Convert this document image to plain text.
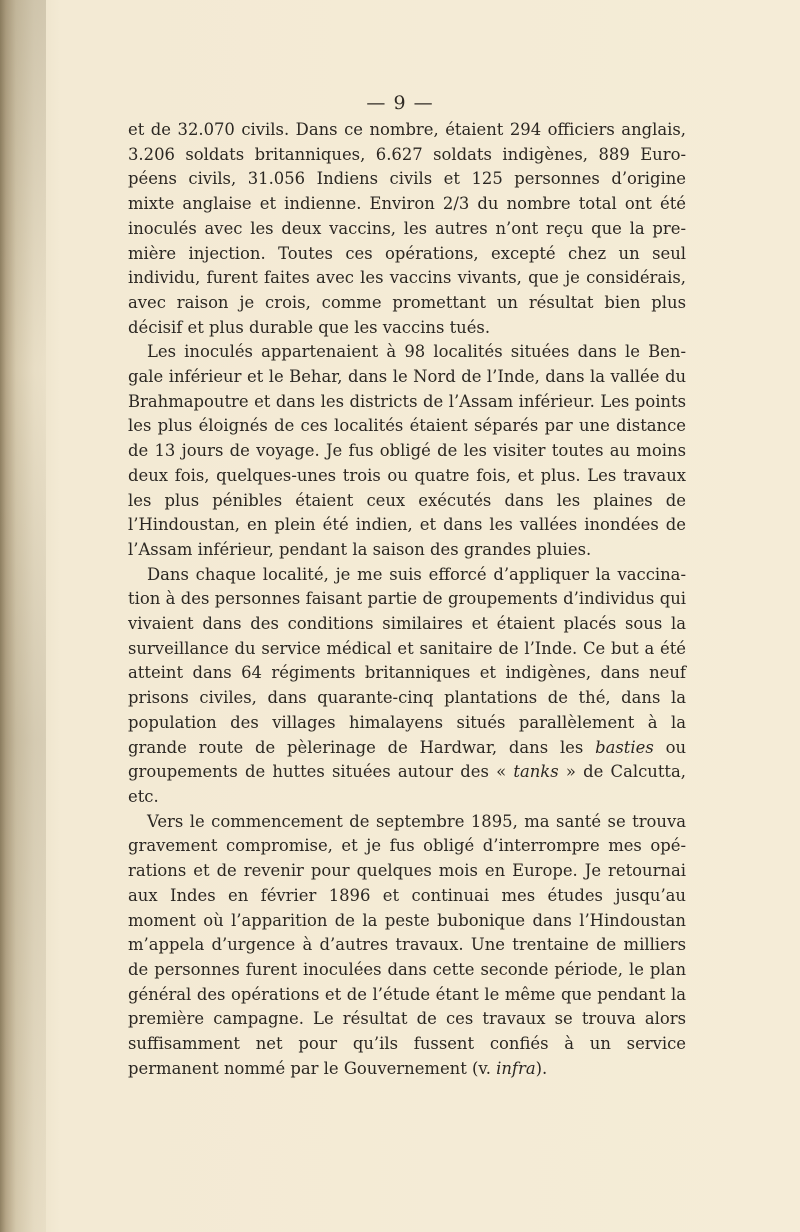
— 9 —

et de 32.070 civils. Dans ce nombre, étaient 294 officiers anglais, 3.206 soldats britanniques, 6.627 soldats indigènes, 889 Européens civils, 31.056 Indiens civils et 125 personnes d’origine mixte anglaise et indienne. Environ 2/3 du nombre total ont été inoculés avec les deux vaccins, les autres n’ont reçu que la première injection. Toutes ces opérations, excepté chez un seul individu, furent faites avec les vaccins vivants, que je considérais, avec raison je crois, comme promettant un résultat bien plus décisif et plus durable que les vaccins tués.

Les inoculés appartenaient à 98 localités situées dans le Bengale inférieur et le Behar, dans le Nord de l’Inde, dans la vallée du Brahmapoutre et dans les districts de l’Assam inférieur. Les points les plus éloignés de ces localités étaient séparés par une distance de 13 jours de voyage. Je fus obligé de les visiter toutes au moins deux fois, quelques-unes trois ou quatre fois, et plus. Les travaux les plus pénibles étaient ceux exécutés dans les plaines de l’Hindoustan, en plein été indien, et dans les vallées inondées de l’Assam inférieur, pendant la saison des grandes pluies.

Dans chaque localité, je me suis efforcé d’appliquer la vaccination à des personnes faisant partie de groupements d’individus qui vivaient dans des conditions similaires et étaient placés sous la surveillance du service médical et sanitaire de l’Inde. Ce but a été atteint dans 64 régiments britanniques et indigènes, dans neuf prisons civiles, dans quarante-cinq plantations de thé, dans la population des villages himalayens situés parallèlement à la grande route de pèlerinage de Hardwar, dans les basties ou groupements de huttes situées autour des « tanks » de Calcutta, etc.

Vers le commencement de septembre 1895, ma santé se trouva gravement compromise, et je fus obligé d’interrompre mes opérations et de revenir pour quelques mois en Europe. Je retournai aux Indes en février 1896 et continuai mes études jusqu’au moment où l’apparition de la peste bubonique dans l’Hindoustan m’appela d’urgence à d’autres travaux. Une trentaine de milliers de personnes furent inoculées dans cette seconde période, le plan général des opérations et de l’étude étant le même que pendant la première campagne. Le résultat de ces travaux se trouva alors suffisamment net pour qu’ils fussent confiés à un service permanent nommé par le Gouvernement (v. infra).
